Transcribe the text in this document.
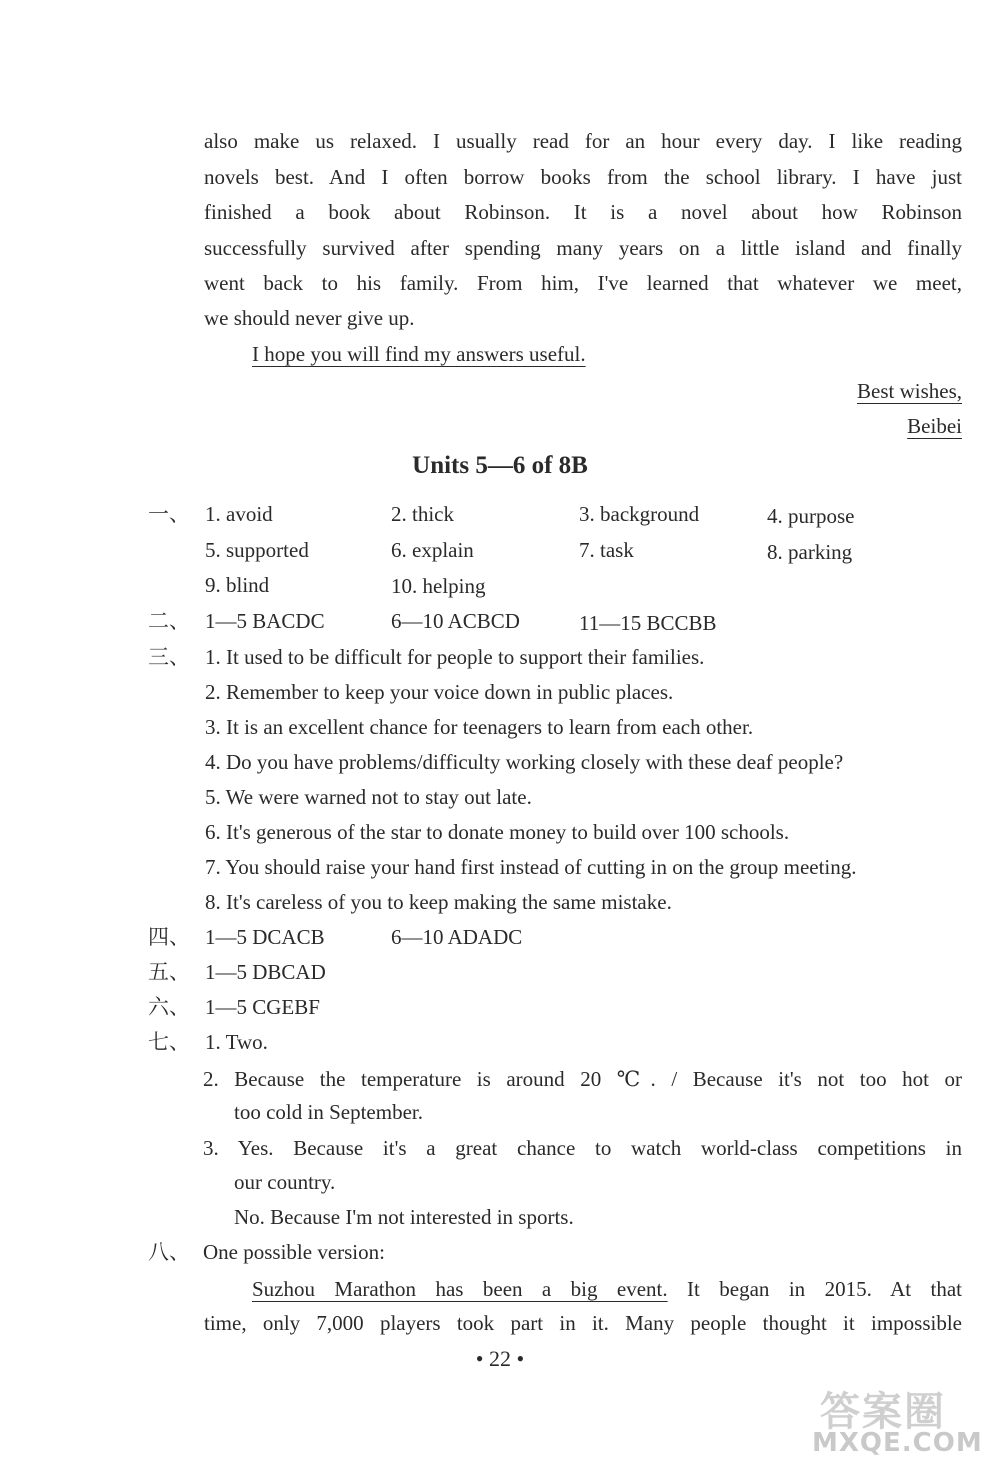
also make us relaxed. I usually read for an hour every day. I like reading
novels best. And I often borrow books from the school library. I have just
finished a book about Robinson. It is a novel about how Robinson
successfully survived after spending many years on a little island and finally
went back to his family. From him, I've learned that whatever we meet,
we should never give up.
I hope you will find my answers useful.
Best wishes,
Beibei
Units 5—6 of 8B
一、 1. avoid	2. thick	3. background	4. purpose
5. supported	6. explain	7. task	8. parking
9. blind	10. helping
二、 1—5 BACDC	6—10 ACBCD	11—15 BCCBB
三、 1. It used to be difficult for people to support their families.
2. Remember to keep your voice down in public places.
3. It is an excellent chance for teenagers to learn from each other.
4. Do you have problems/difficulty working closely with these deaf people?
5. We were warned not to stay out late.
6. It's generous of the star to donate money to build over 100 schools.
7. You should raise your hand first instead of cutting in on the group meeting.
8. It's careless of you to keep making the same mistake.
四、 1—5 DCACB	6—10 ADADC
五、 1—5 DBCAD
六、 1—5 CGEBF
七、 1. Two.
2. Because the temperature is around 20 ℃. / Because it's not too hot or
too cold in September.
3. Yes. Because it's a great chance to watch world-class competitions in
our country.
No. Because I'm not interested in sports.
八、 One possible version:
Suzhou Marathon has been a big event. It began in 2015. At that
time, only 7,000 players took part in it. Many people thought it impossible
• 22 •
答案圈
MXQE.COM
